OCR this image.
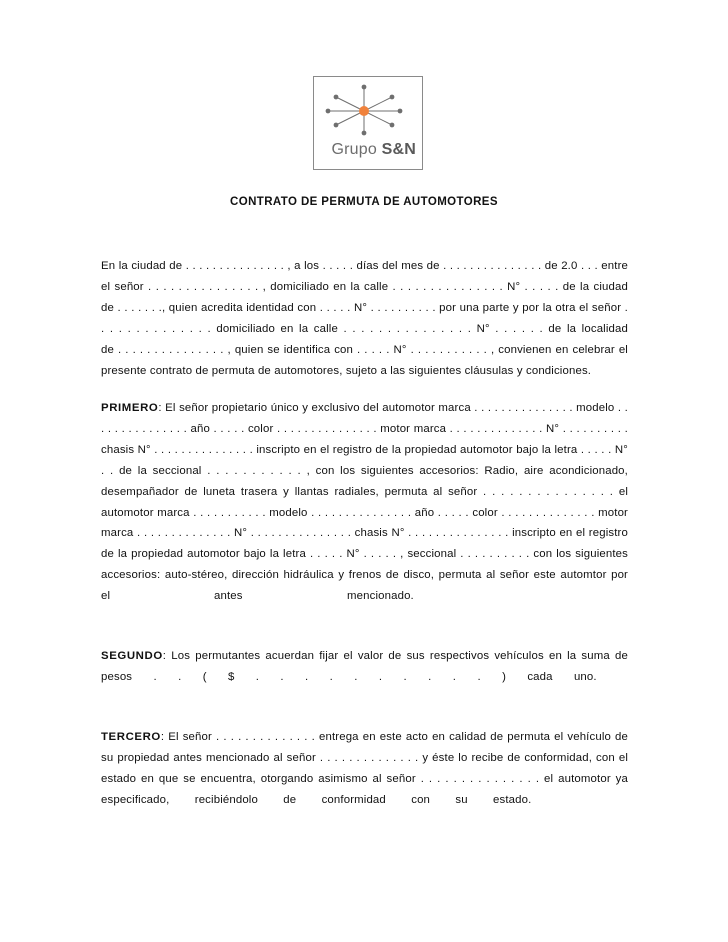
Grupo S&N
CONTRATO DE PERMUTA DE AUTOMOTORES
En la ciudad de . . . . . . . . . . . . . . . , a los . . . . . días del mes de . . . . . . . . . . . . . . . de 2.0 . . . entre
el señor . . . . . . . . . . . . . . . , domiciliado en la calle . . . . . . . . . . . . . . . N° . . . . . de la ciudad
de . . . . . . ., quien acredita identidad con . . . . . N° . . . . . . . . . . por una parte y por la otra el señor .
. . . . . . . . . . . . . domiciliado en la calle . . . . . . . . . . . . . . . N° . . . . . . de la localidad
de . . . . . . . . . . . . . . . , quien se identifica con . . . . . N° . . . . . . . . . . . , convienen en celebrar el
presente contrato de permuta de automotores, sujeto a las siguientes cláusulas y condiciones.
PRIMERO: El señor propietario único y exclusivo del automotor marca . . . . . . . . . . . . . . . modelo . .
. . . . . . . . . . . . . año . . . . . color . . . . . . . . . . . . . . . motor marca . . . . . . . . . . . . . . N° . . . . . . . . . .
chasis N° . . . . . . . . . . . . . . . inscripto en el registro de la propiedad automotor bajo la letra . . . . . N°
. . de la seccional . . . . . . . . . . . , con los siguientes accesorios: Radio, aire acondicionado,
desempañador de luneta trasera y llantas radiales, permuta al señor . . . . . . . . . . . . . . . el
automotor marca . . . . . . . . . . . modelo . . . . . . . . . . . . . . . año . . . . . color . . . . . . . . . . . . . . motor
marca . . . . . . . . . . . . . . N° . . . . . . . . . . . . . . . chasis N° . . . . . . . . . . . . . . . inscripto en el registro
de la propiedad automotor bajo la letra . . . . . N° . . . . . , seccional . . . . . . . . . . con los siguientes
accesorios: auto-stéreo, dirección hidráulica y frenos de disco, permuta al señor este automtor por
el	antes	mencionado.
SEGUNDO: Los permutantes acuerdan fijar el valor de sus respectivos vehículos en la suma de
pesos . . ( $ . . . . . . . . . . ) cada uno.
TERCERO: El señor . . . . . . . . . . . . . . entrega en este acto en calidad de permuta el vehículo de
su propiedad antes mencionado al señor . . . . . . . . . . . . . . y éste lo recibe de conformidad, con el
estado en que se encuentra, otorgando asimismo al señor . . . . . . . . . . . . . . . el automotor ya
especificado, recibiéndolo de conformidad con su estado.
